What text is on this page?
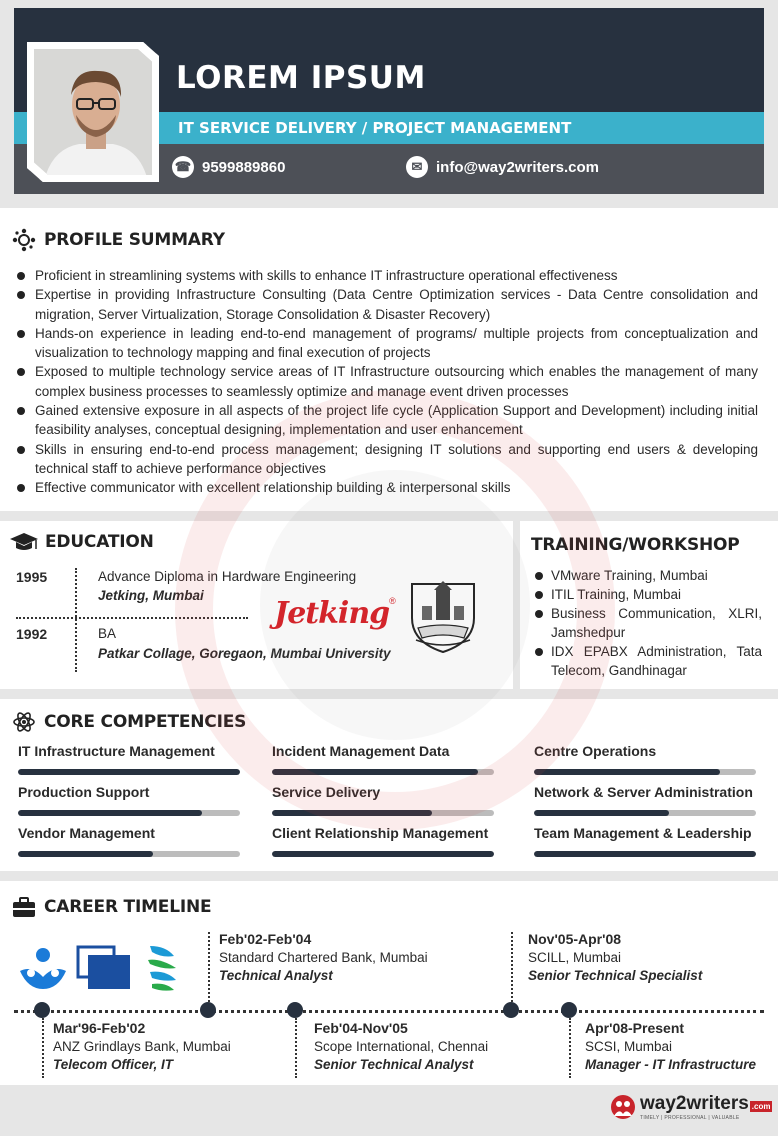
LOREM IPSUM
IT SERVICE DELIVERY / PROJECT MANAGEMENT
☎ 9599889860	✉ info@way2writers.com
PROFILE SUMMARY
Proficient in streamlining systems with skills to enhance IT infrastructure operational effectiveness
Expertise in providing Infrastructure Consulting (Data Centre Optimization services - Data Centre consolidation and migration, Server Virtualization, Storage Consolidation & Disaster Recovery)
Hands-on experience in leading end-to-end management of programs/ multiple projects from conceptualization and visualization to technology mapping and final execution of projects
Exposed to multiple technology service areas of IT Infrastructure outsourcing which enables the management of many complex business processes to seamlessly optimize and manage event driven processes
Gained extensive exposure in all aspects of the project life cycle (Application Support and Development) including initial feasibility analyses, conceptual designing, implementation and user enhancement
Skills in ensuring end-to-end process management; designing IT solutions and supporting end users & developing technical staff to achieve performance objectives
Effective communicator with excellent relationship building & interpersonal skills
EDUCATION
1995	Advance Diploma in Hardware Engineering
Jetking, Mumbai
1992	BA
Patkar Collage, Goregaon, Mumbai University
Jetking ®
TRAINING/WORKSHOP
VMware Training, Mumbai
ITIL Training, Mumbai
Business Communication, XLRI, Jamshedpur
IDX EPABX Administration, Tata Telecom, Gandhinagar
CORE COMPETENCIES
IT Infrastructure Management	Incident Management Data	Centre Operations
Production Support	Service Delivery	Network & Server Administration
Vendor Management	Client Relationship Management	Team Management & Leadership
CAREER TIMELINE
Feb'02-Feb'04
Standard Chartered Bank, Mumbai
Technical Analyst
Nov'05-Apr'08
SCILL, Mumbai
Senior Technical Specialist
Mar'96-Feb'02
ANZ Grindlays Bank, Mumbai
Telecom Officer, IT
Feb'04-Nov'05
Scope International, Chennai
Senior Technical Analyst
Apr'08-Present
SCSI, Mumbai
Manager - IT Infrastructure
way2writers .com
TIMELY | PROFESSIONAL | VALUABLE
